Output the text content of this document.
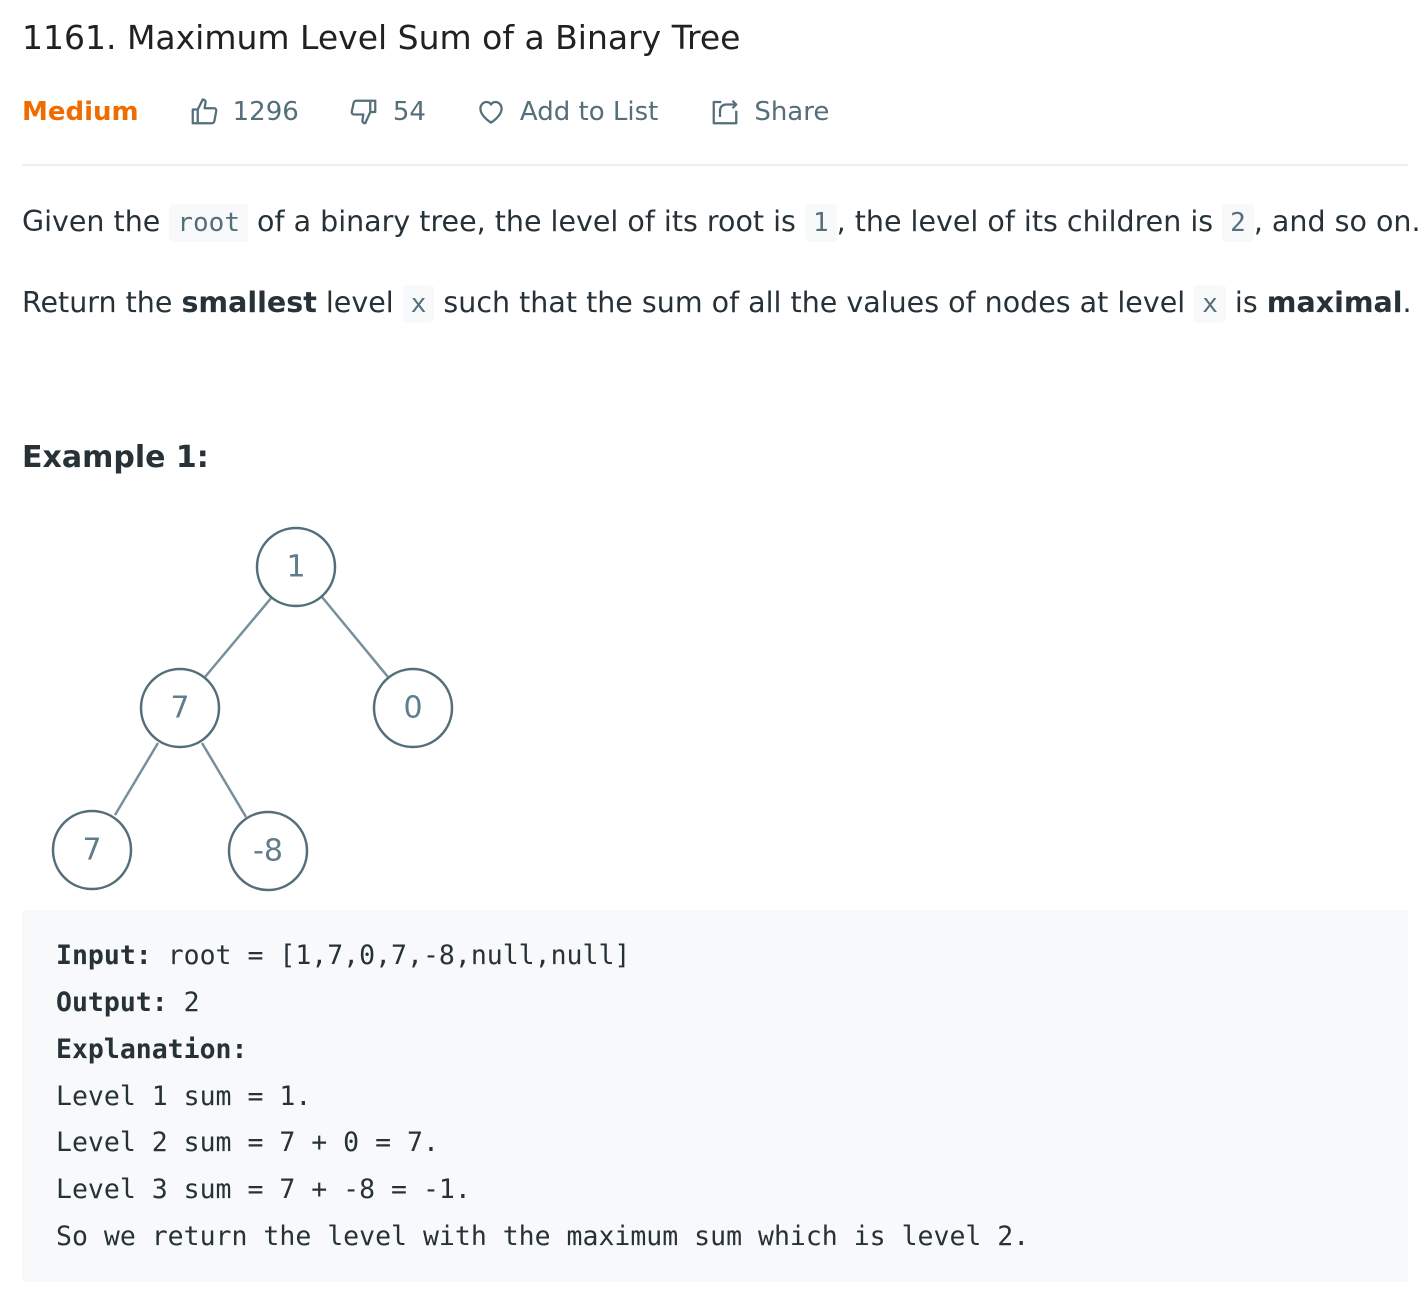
1161. Maximum Level Sum of a Binary Tree
Medium	1296	54	Add to List	Share

Given the root of a binary tree, the level of its root is 1 , the level of its children is 2 , and so on.

Return the smallest level x such that the sum of all the values of nodes at level x is maximal.

Example 1:
1
7	0
7	-8
Input: root = [1,7,0,7,-8,null,null]
Output: 2
Explanation:
Level 1 sum = 1.
Level 2 sum = 7 + 0 = 7.
Level 3 sum = 7 + -8 = -1.
So we return the level with the maximum sum which is level 2.
